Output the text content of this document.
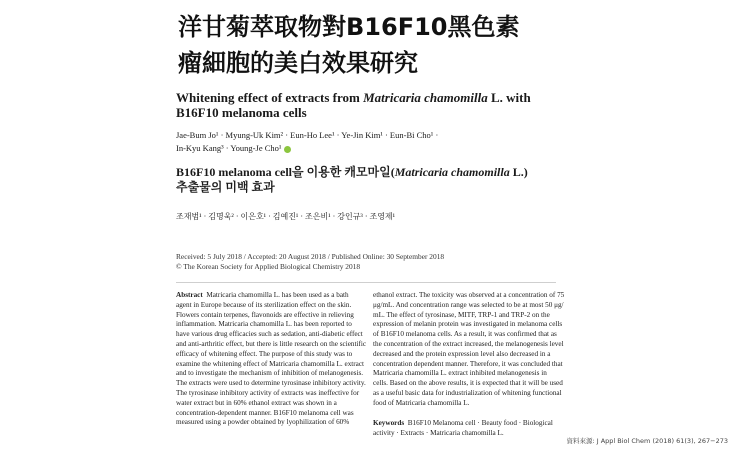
洋甘菊萃取物對B16F10黑色素
瘤細胞的美白效果研究
Whitening effect of extracts from Matricaria chamomilla L. with
B16F10 melanoma cells
Jae-Bum Jo¹ · Myung-Uk Kim² · Eun-Ho Lee¹ · Ye-Jin Kim¹ · Eun-Bi Cho¹ ·
In-Kyu Kang³ · Young-Je Cho¹
B16F10 melanoma cell을 이용한 캐모마일(Matricaria chamomilla L.)
추출물의 미백 효과
조재범¹ · 김명욱² · 이은호¹ · 김예진¹ · 조은비¹ · 강인규³ · 조영제¹
Received: 5 July 2018 / Accepted: 20 August 2018 / Published Online: 30 September 2018
© The Korean Society for Applied Biological Chemistry 2018
Abstract Matricaria chamomilla L. has been used as a bath
agent in Europe because of its sterilization effect on the skin.
Flowers contain terpenes, flavonoids are effective in relieving
inflammation. Matricaria chamomilla L. has been reported to
have various drug efficacies such as sedation, anti-diabetic effect
and anti-arthritic effect, but there is little research on the scientific
efficacy of whitening effect. The purpose of this study was to
examine the whitening effect of Matricaria chamomilla L. extract
and to investigate the mechanism of inhibition of melanogenesis.
The extracts were used to determine tyrosinase inhibitory activity.
The tyrosinase inhibitory activity of extracts was ineffective for
water extract but in 60% ethanol extract was shown in a
concentration-dependent manner. B16F10 melanoma cell was
measured using a powder obtained by lyophilization of 60%
ethanol extract. The toxicity was observed at a concentration of 75
μg/mL. And concentration range was selected to be at most 50 μg/
mL. The effect of tyrosinase, MITF, TRP-1 and TRP-2 on the
expression of melanin protein was investigated in melanoma cells
of B16F10 melanoma cells. As a result, it was confirmed that as
the concentration of the extract increased, the melanogenesis level
decreased and the protein expression level also decreased in a
concentration dependent manner. Therefore, it was concluded that
Matricaria chamomilla L. extract inhibited melanogenesis in
cells. Based on the above results, it is expected that it will be used
as a useful basic data for industrialization of whitening functional
food of Matricaria chamomilla L.
Keywords B16F10 Melanoma cell · Beauty food · Biological
activity · Extracts · Matricaria chamomilla L.
資料來源: J Appl Biol Chem (2018) 61(3), 267−273
